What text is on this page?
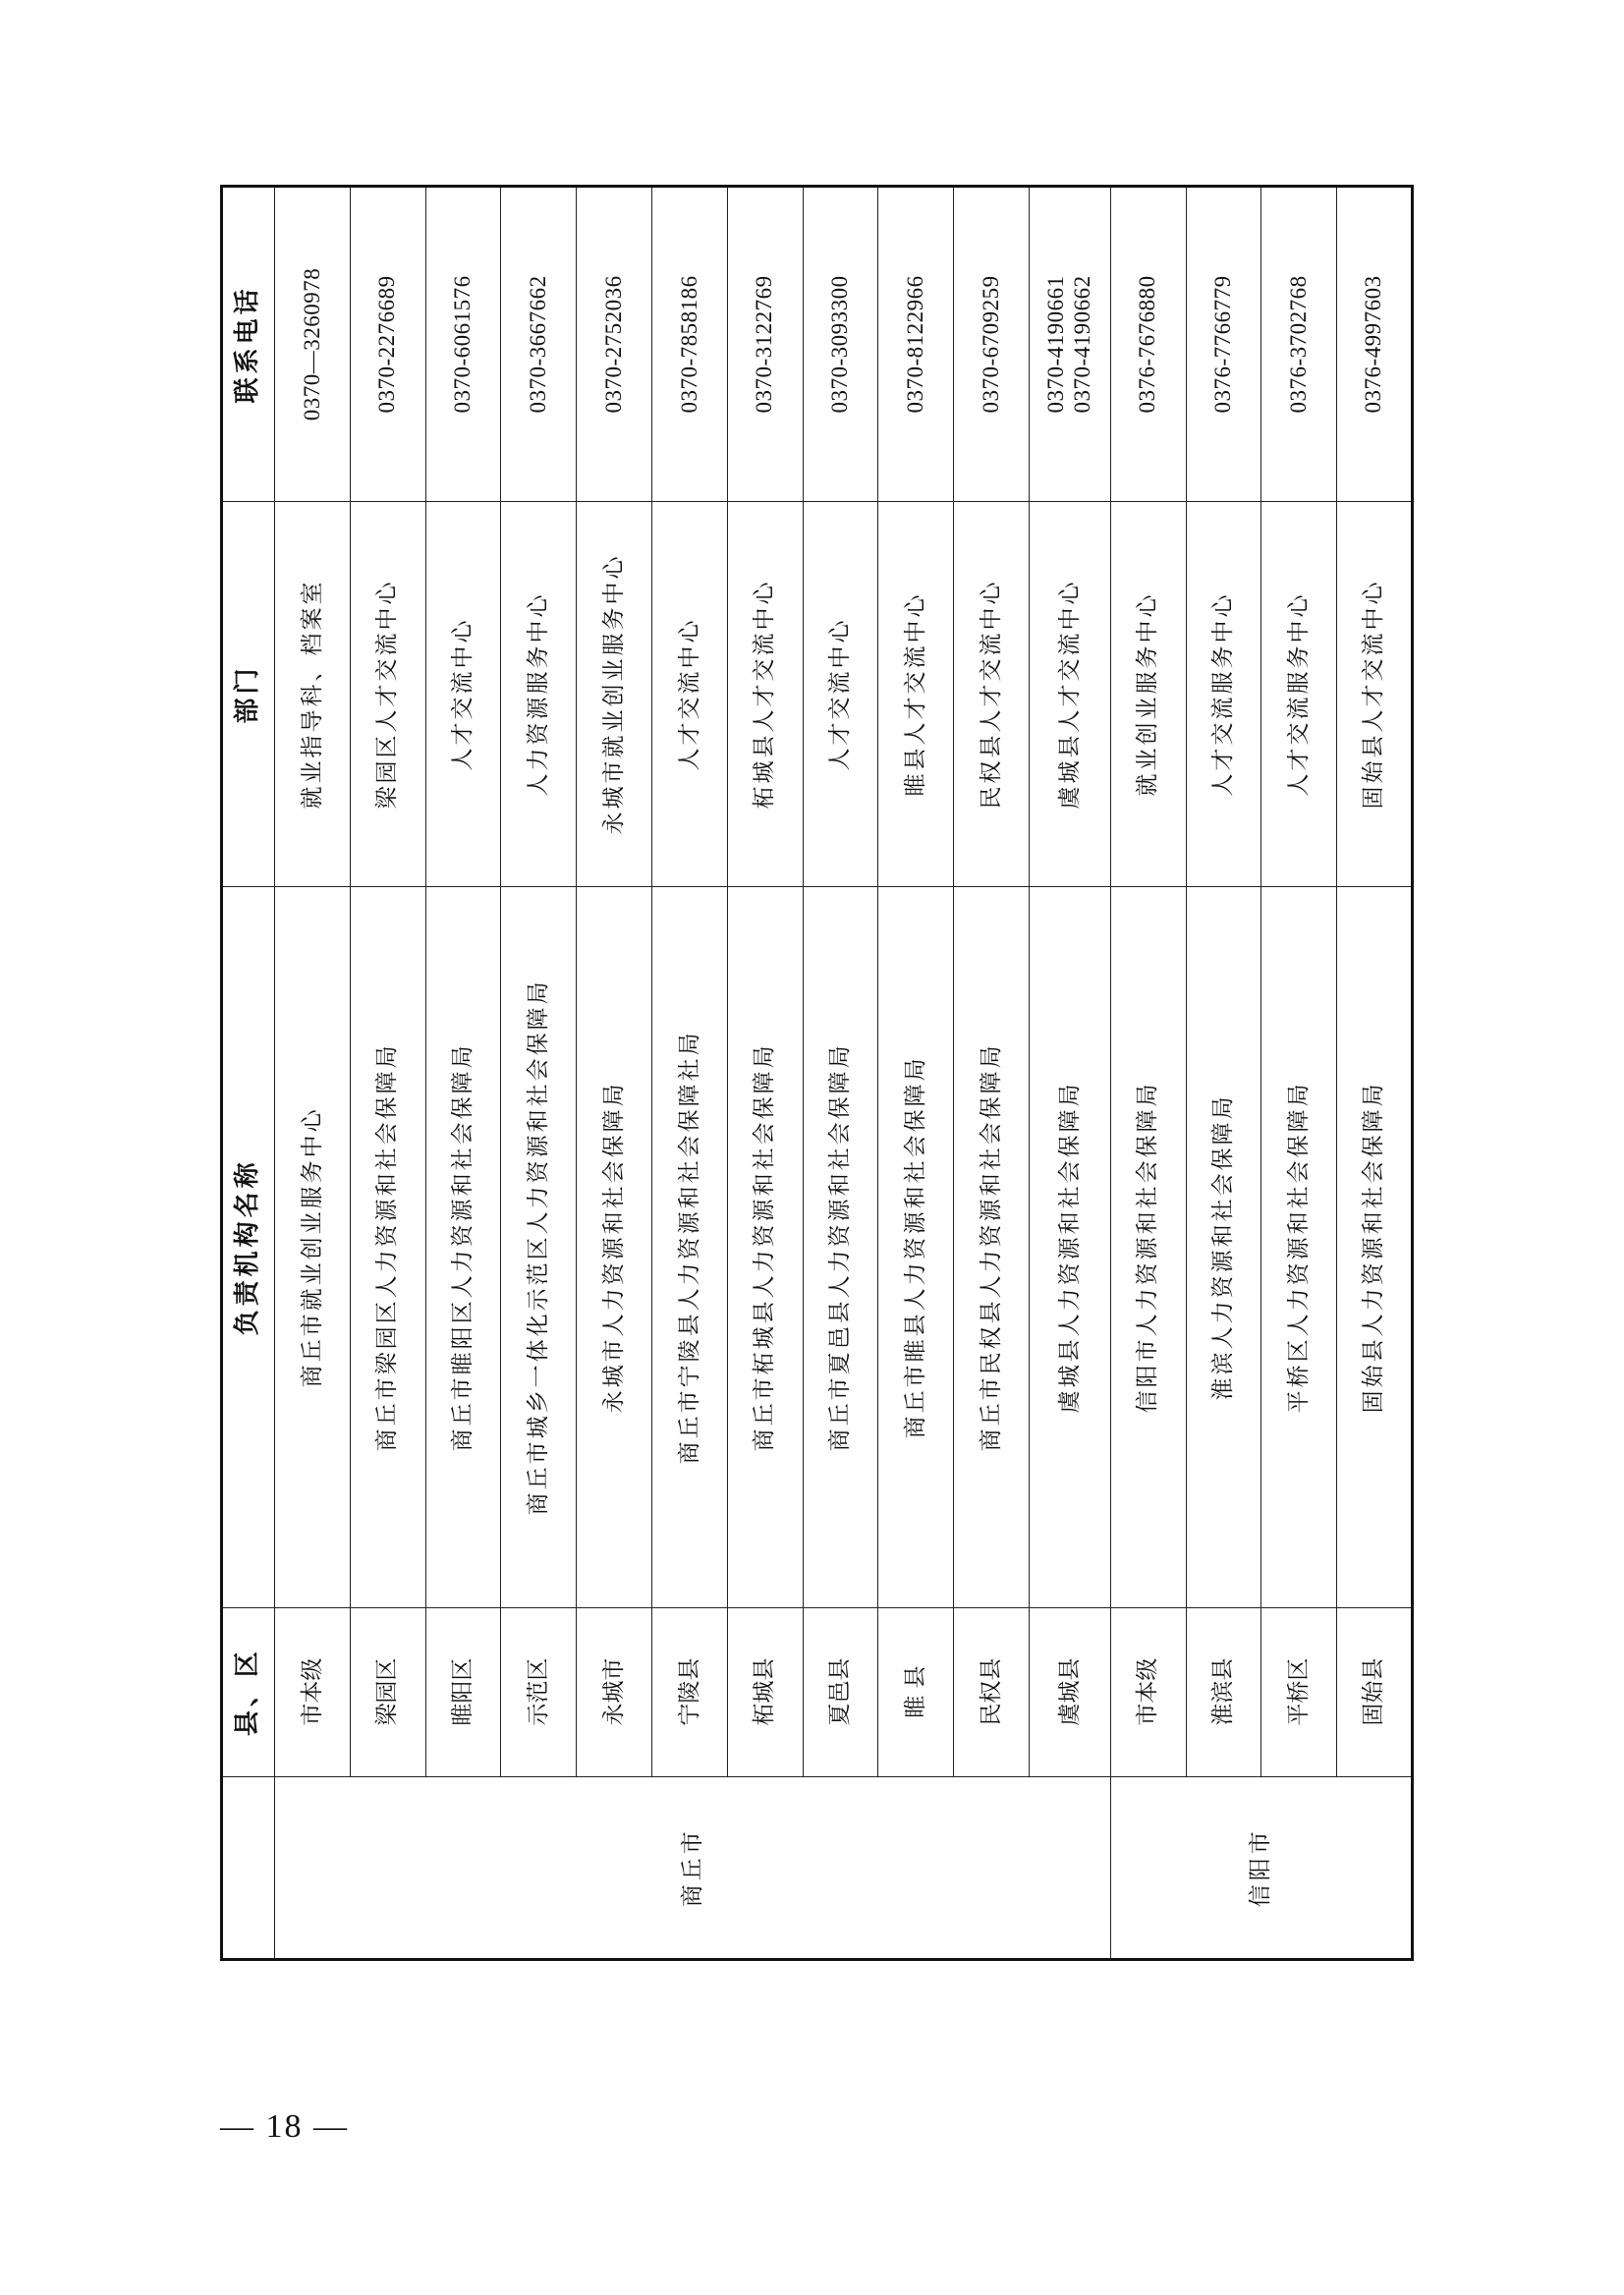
	县、区	负责机构名称	部门	联系电话
商丘市	市本级	商丘市就业创业服务中心	就业指导科、档案室	0370—3260978

	梁园区	商丘市梁园区人力资源和社会保障局	梁园区人才交流中心	0370-2276689

	睢阳区	商丘市睢阳区人力资源和社会保障局	人才交流中心	0370-6061576

	示范区	商丘市城乡一体化示范区人力资源和社会保障局	人力资源服务中心	0370-3667662

	永城市	永城市人力资源和社会保障局	永城市就业创业服务中心	0370-2752036

	宁陵县	商丘市宁陵县人力资源和社会保障社局	人才交流中心	0370-7858186

	柘城县	商丘市柘城县人力资源和社会保障局	柘城县人才交流中心	0370-3122769

	夏邑县	商丘市夏邑县人力资源和社会保障局	人才交流中心	0370-3093300

	睢 县	商丘市睢县人力资源和社会保障局	睢县人才交流中心	0370-8122966

	民权县	商丘市民权县人力资源和社会保障局	民权县人才交流中心	0370-6709259

	虞城县	虞城县人力资源和社会保障局	虞城县人才交流中心	0370-4190661 0370-4190662

信阳市	市本级	信阳市人力资源和社会保障局	就业创业服务中心	0376-7676880

	淮滨县	淮滨人力资源和社会保障局	人才交流服务中心	0376-7766779

	平桥区	平桥区人力资源和社会保障局	人才交流服务中心	0376-3702768

	固始县	固始县人力资源和社会保障局	固始县人才交流中心	0376-4997603
— 18 —
